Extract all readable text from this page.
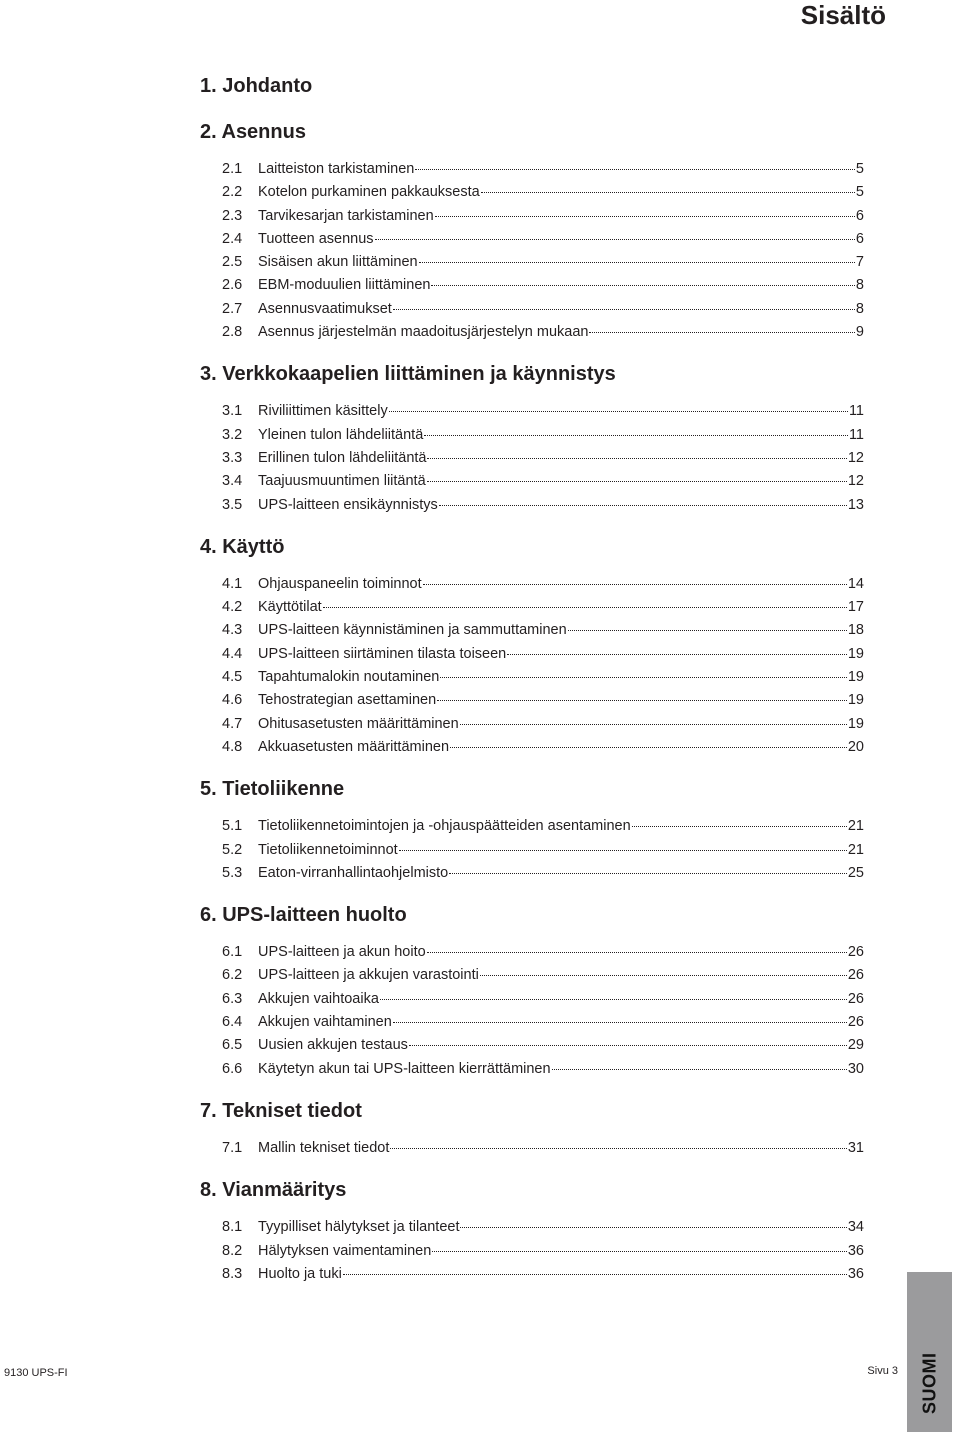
Sisältö
1. Johdanto
2. Asennus
2.1	Laitteiston tarkistaminen	5
2.2	Kotelon purkaminen pakkauksesta	5
2.3	Tarvikesarjan tarkistaminen	6
2.4	Tuotteen asennus	6
2.5	Sisäisen akun liittäminen	7
2.6	EBM-moduulien liittäminen	8
2.7	Asennusvaatimukset	8
2.8	Asennus järjestelmän maadoitusjärjestelyn mukaan	9
3. Verkkokaapelien liittäminen ja käynnistys
3.1	Riviliittimen käsittely	11
3.2	Yleinen tulon lähdeliitäntä	11
3.3	Erillinen tulon lähdeliitäntä	12
3.4	Taajuusmuuntimen liitäntä	12
3.5	UPS-laitteen ensikäynnistys	13
4. Käyttö
4.1	Ohjauspaneelin toiminnot	14
4.2	Käyttötilat	17
4.3	UPS-laitteen käynnistäminen ja sammuttaminen	18
4.4	UPS-laitteen siirtäminen tilasta toiseen	19
4.5	Tapahtumalokin noutaminen	19
4.6	Tehostrategian asettaminen	19
4.7	Ohitusasetusten määrittäminen	19
4.8	Akkuasetusten määrittäminen	20
5. Tietoliikenne
5.1	Tietoliikennetoimintojen ja -ohjauspäätteiden asentaminen	21
5.2	Tietoliikennetoiminnot	21
5.3	Eaton-virranhallintaohjelmisto	25
6. UPS-laitteen huolto
6.1	UPS-laitteen ja akun hoito	26
6.2	UPS-laitteen ja akkujen varastointi	26
6.3	Akkujen vaihtoaika	26
6.4	Akkujen vaihtaminen	26
6.5	Uusien akkujen testaus	29
6.6	Käytetyn akun tai UPS-laitteen kierrättäminen	30
7. Tekniset tiedot
7.1	Mallin tekniset tiedot	31
8. Vianmääritys
8.1	Tyypilliset hälytykset ja tilanteet	34
8.2	Hälytyksen vaimentaminen	36
8.3	Huolto ja tuki	36
9130 UPS-FI	Sivu 3 SUOMI
